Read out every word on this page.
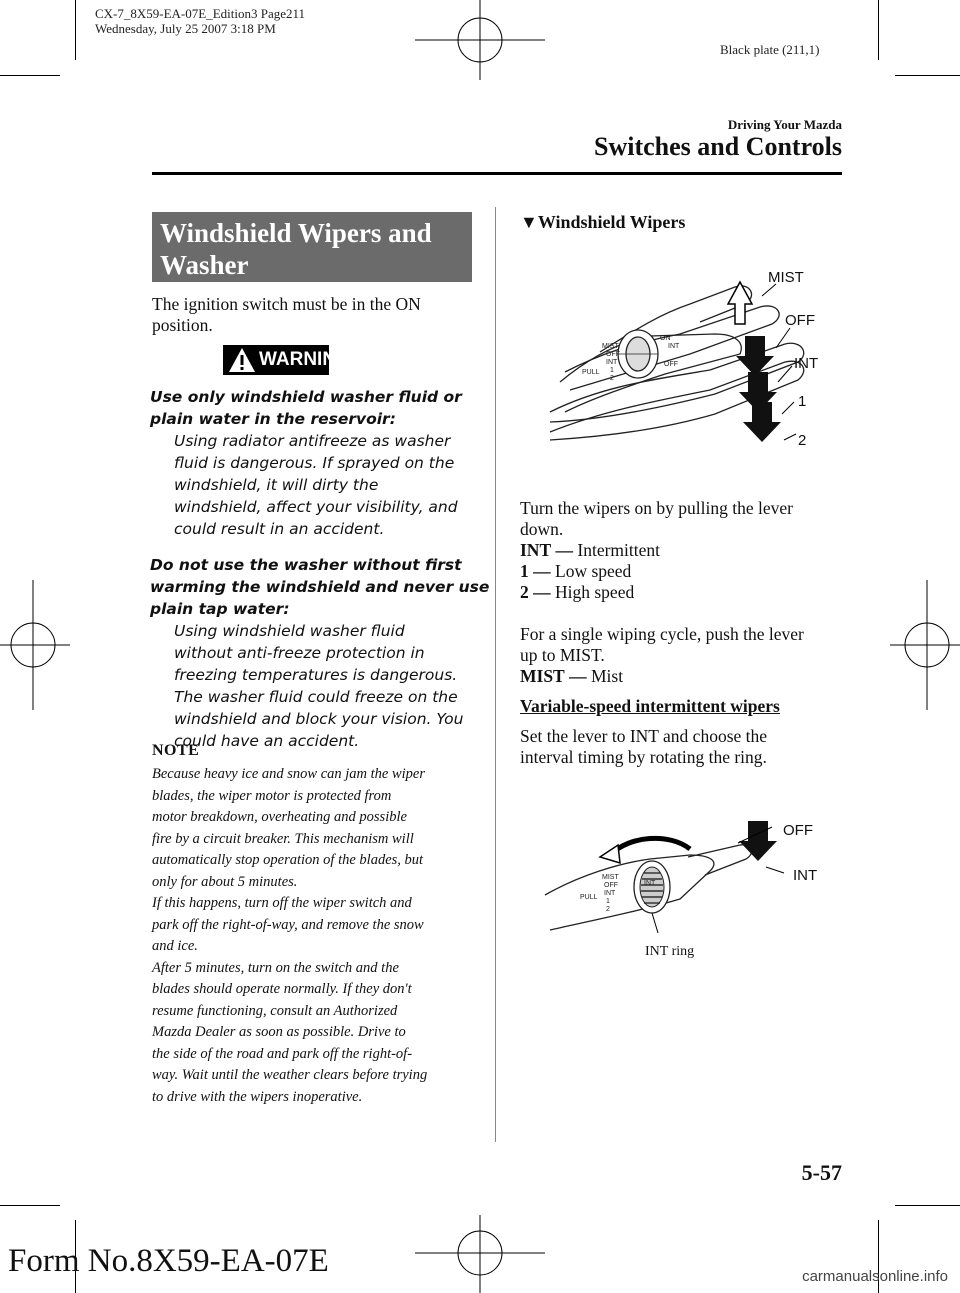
CX-7_8X59-EA-07E_Edition3 Page211
Wednesday, July 25 2007 3:18 PM
Black plate (211,1)
Driving Your Mazda
Switches and Controls
Windshield Wipers and
Washer
The ignition switch must be in the ON
position.
WARNING
Use only windshield washer fluid or
plain water in the reservoir:
Using radiator antifreeze as washer
fluid is dangerous. If sprayed on the
windshield, it will dirty the
windshield, affect your visibility, and
could result in an accident.
Do not use the washer without first
warming the windshield and never use
plain tap water:
Using windshield washer fluid
without anti-freeze protection in
freezing temperatures is dangerous.
The washer fluid could freeze on the
windshield and block your vision. You
could have an accident.
NOTE
Because heavy ice and snow can jam the wiper
blades, the wiper motor is protected from
motor breakdown, overheating and possible
fire by a circuit breaker. This mechanism will
automatically stop operation of the blades, but
only for about 5 minutes.
If this happens, turn off the wiper switch and
park off the right-of-way, and remove the snow
and ice.
After 5 minutes, turn on the switch and the
blades should operate normally. If they don't
resume functioning, consult an Authorized
Mazda Dealer as soon as possible. Drive to
the side of the road and park off the right-of-
way. Wait until the weather clears before trying
to drive with the wipers inoperative.
▼Windshield Wipers
MIST
OFF
INT
PULL 1
2
ON
INT
OFF
MIST
OFF
INT
1
2
Turn the wipers on by pulling the lever
down.
INT — Intermittent
1 — Low speed
2 — High speed
For a single wiping cycle, push the lever
up to MIST.
MIST — Mist
Variable-speed intermittent wipers
Set the lever to INT and choose the
interval timing by rotating the ring.
MIST
OFF
INT
PULL
1
2
INT
OFF
INT
INT ring
5-57
Form No.8X59-EA-07E	carmanualsonline.info
